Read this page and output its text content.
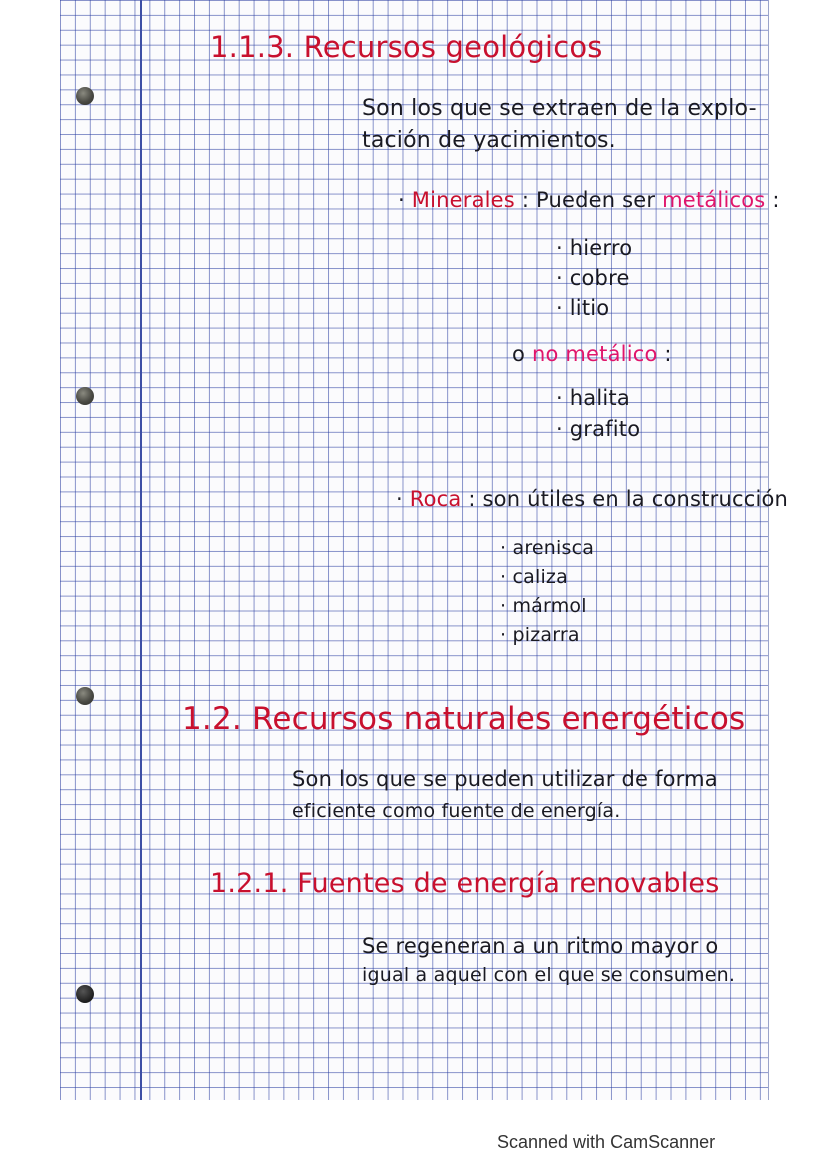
1.1.3. Recursos geológicos
Son los que se extraen de la explo-
tación de yacimientos.
· Minerales : Pueden ser metálicos :
· hierro
· cobre
· litio
o no metálico :
· halita
· grafito
· Roca : son útiles en la construcción
· arenisca
· caliza
· mármol
· pizarra
1.2. Recursos naturales energéticos
Son los que se pueden utilizar de forma
eficiente como fuente de energía.
1.2.1. Fuentes de energía renovables
Se regeneran a un ritmo mayor o
igual a aquel con el que se consumen.
Scanned with CamScanner
